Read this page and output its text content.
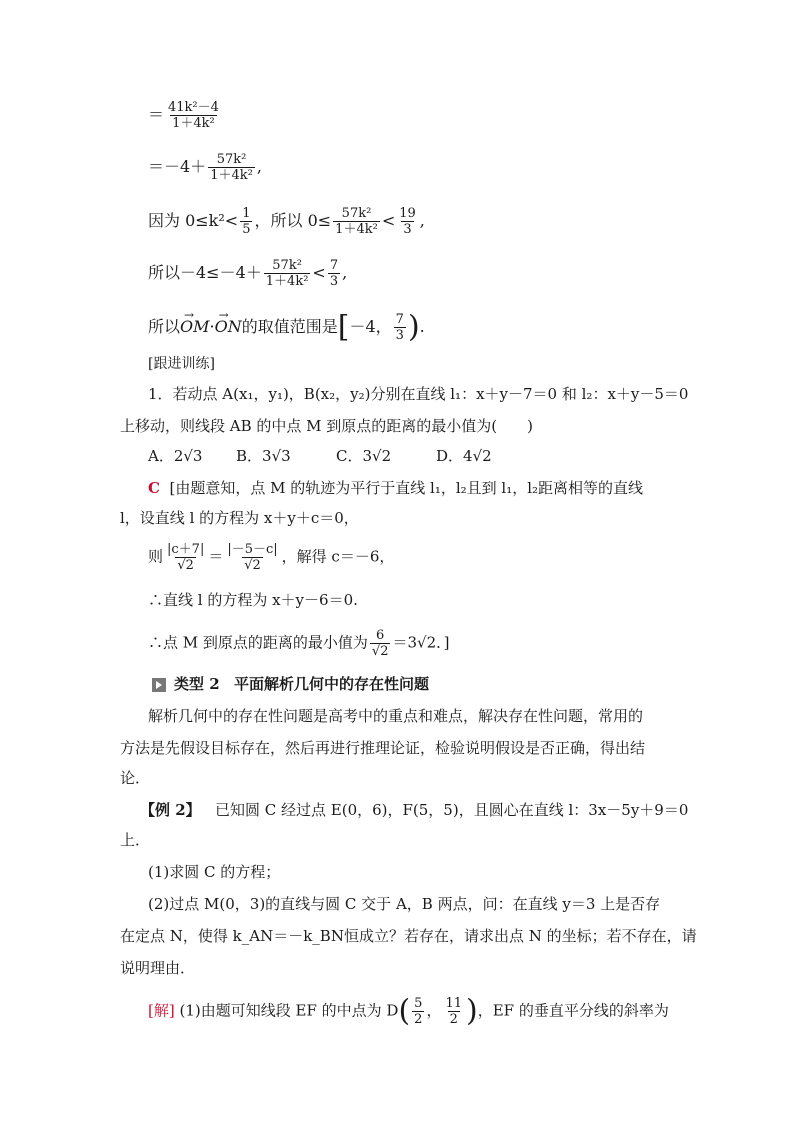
＝ $\frac{\text{41k²－4}}{\text{1＋4k²}}$
$=-4+ \frac{\text{57k²}}{\text{1＋4k²}}$ ,
因为 $0\le k^2< \frac{1}{5}$ ，所以 $0\le \frac{\text{57k²}}{\text{1＋4k²}} < \frac{19}{3}$ ,
所以$-4\le-4+ \frac{\text{57k²}}{\text{1＋4k²}} < \frac{7}{3}$ ,
所以→ OM·→ ON的取值范围是[－4， $\frac{7}{3}$ ).
[跟进训练]
1．若动点 A(x₁，y₁)，B(x₂，y₂)分别在直线 l₁：x＋y－7＝0 和 l₂：x＋y－5＝0
上移动，则线段 AB 的中点 M 到原点的距离的最小值为(　　)
A．2√3 B．3√3	C．3√2	D．4√2
C [由题意知，点 M 的轨迹为平行于直线 l₁，l₂且到 l₁，l₂距离相等的直线
l，设直线 l 的方程为 x＋y＋c＝0，
则 $\frac{|c+7|}{√2} = \frac{|-5-c|}{√2}$ ，解得 c＝－6，
∴直线 l 的方程为 x＋y－6＝0.
∴点 M 到原点的距离的最小值为 $\frac{6}{√2} =3√2$．]
类型 2 平面解析几何中的存在性问题
解析几何中的存在性问题是高考中的重点和难点，解决存在性问题，常用的
方法是先假设目标存在，然后再进行推理论证，检验说明假设是否正确，得出结
论．
【例 2】 已知圆 C 经过点 E(0，6)，F(5，5)，且圆心在直线 l：3x－5y＋9＝0
上．
(1)求圆 C 的方程；
(2)过点 M(0，3)的直线与圆 C 交于 A，B 两点，问：在直线 y＝3 上是否存
在定点 N，使得 k_AN＝－k_BN恒成立？若存在，请求出点 N 的坐标；若不存在，请
说明理由．
[解] (1)由题可知线段 EF 的中点为 $D( \frac{5}{2}$ ， $\frac{11}{2}$ )，EF 的垂直平分线的斜率为
